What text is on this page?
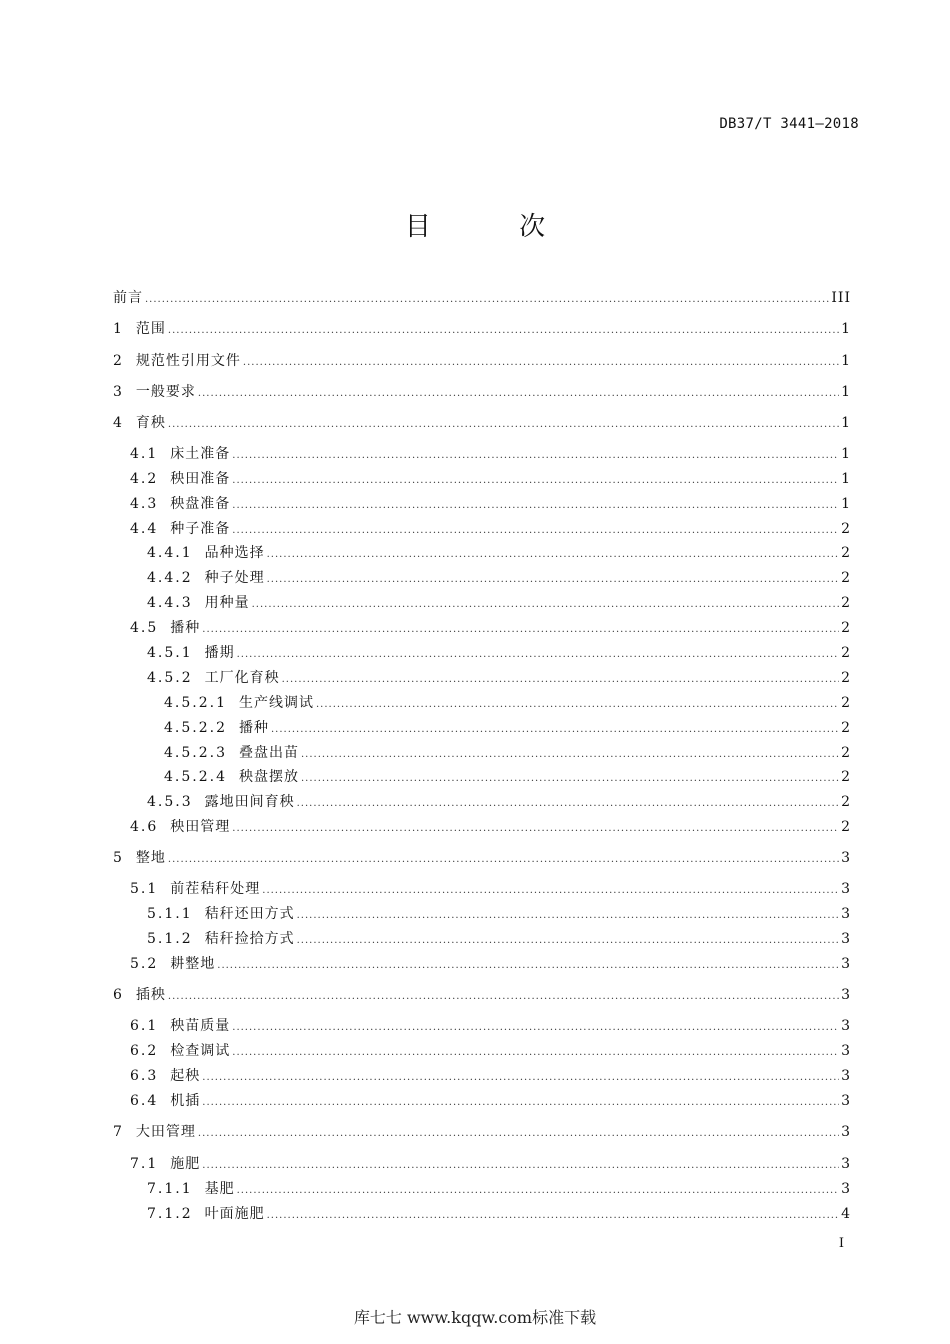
DB37/T 3441—2018
目 次
前言 .....	III
1 范围 .....	1
2 规范性引用文件 .....	1
3 一般要求 .....	1
4 育秧 .....	1
4.1 床土准备 .....	1
4.2 秧田准备 .....	1
4.3 秧盘准备 .....	1
4.4 种子准备 .....	2
4.4.1 品种选择 .....	2
4.4.2 种子处理 .....	2
4.4.3 用种量 .....	2
4.5 播种 .....	2
4.5.1 播期 .....	2
4.5.2 工厂化育秧 .....	2
4.5.2.1 生产线调试 .....	2
4.5.2.2 播种 .....	2
4.5.2.3 叠盘出苗 .....	2
4.5.2.4 秧盘摆放 .....	2
4.5.3 露地田间育秧 .....	2
4.6 秧田管理 .....	2
5 整地 .....	3
5.1 前茬秸秆处理 .....	3
5.1.1 秸秆还田方式 .....	3
5.1.2 秸秆捡拾方式 .....	3
5.2 耕整地 .....	3
6 插秧 .....	3
6.1 秧苗质量 .....	3
6.2 检查调试 .....	3
6.3 起秧 .....	3
6.4 机插 .....	3
7 大田管理 .....	3
7.1 施肥 .....	3
7.1.1 基肥 .....	3
7.1.2 叶面施肥 .....	4
I
库七七 www.kqqw.com标准下载
